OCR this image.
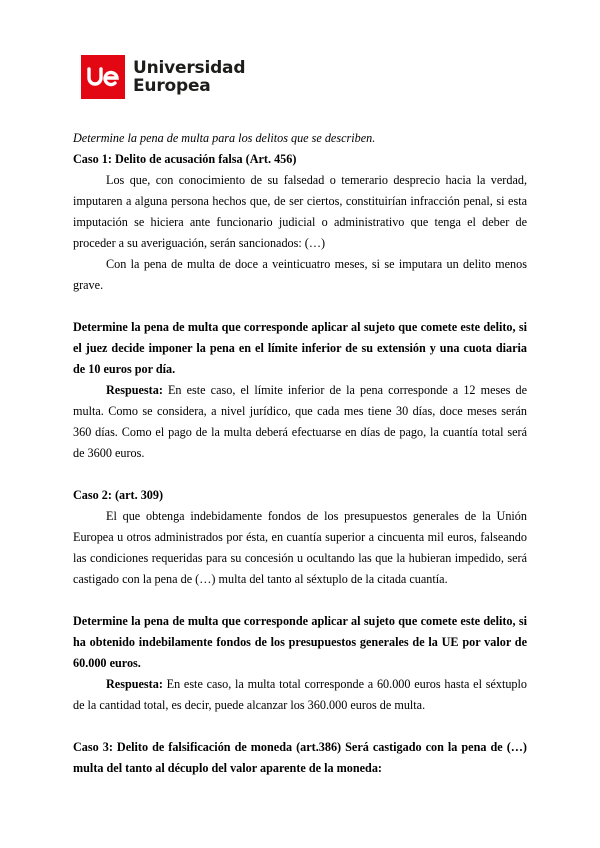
Universidad
Europea

Determine la pena de multa para los delitos que se describen.

Caso 1: Delito de acusación falsa (Art. 456)

Los que, con conocimiento de su falsedad o temerario desprecio hacia la verdad, imputaren a alguna persona hechos que, de ser ciertos, constituirían infracción penal, si esta imputación se hiciera ante funcionario judicial o administrativo que tenga el deber de proceder a su averiguación, serán sancionados: (…)

Con la pena de multa de doce a veinticuatro meses, si se imputara un delito menos grave.

Determine la pena de multa que corresponde aplicar al sujeto que comete este delito, si el juez decide imponer la pena en el límite inferior de su extensión y una cuota diaria de 10 euros por día.

Respuesta: En este caso, el límite inferior de la pena corresponde a 12 meses de multa. Como se considera, a nivel jurídico, que cada mes tiene 30 días, doce meses serán 360 días. Como el pago de la multa deberá efectuarse en días de pago, la cuantía total será de 3600 euros.

Caso 2: (art. 309)

El que obtenga indebidamente fondos de los presupuestos generales de la Unión Europea u otros administrados por ésta, en cuantía superior a cincuenta mil euros, falseando las condiciones requeridas para su concesión u ocultando las que la hubieran impedido, será castigado con la pena de (…) multa del tanto al séxtuplo de la citada cuantía.

Determine la pena de multa que corresponde aplicar al sujeto que comete este delito, si ha obtenido indebilamente fondos de los presupuestos generales de la UE por valor de 60.000 euros.

Respuesta: En este caso, la multa total corresponde a 60.000 euros hasta el séxtuplo de la cantidad total, es decir, puede alcanzar los 360.000 euros de multa.

Caso 3: Delito de falsificación de moneda (art.386) Será castigado con la pena de (…) multa del tanto al décuplo del valor aparente de la moneda:
